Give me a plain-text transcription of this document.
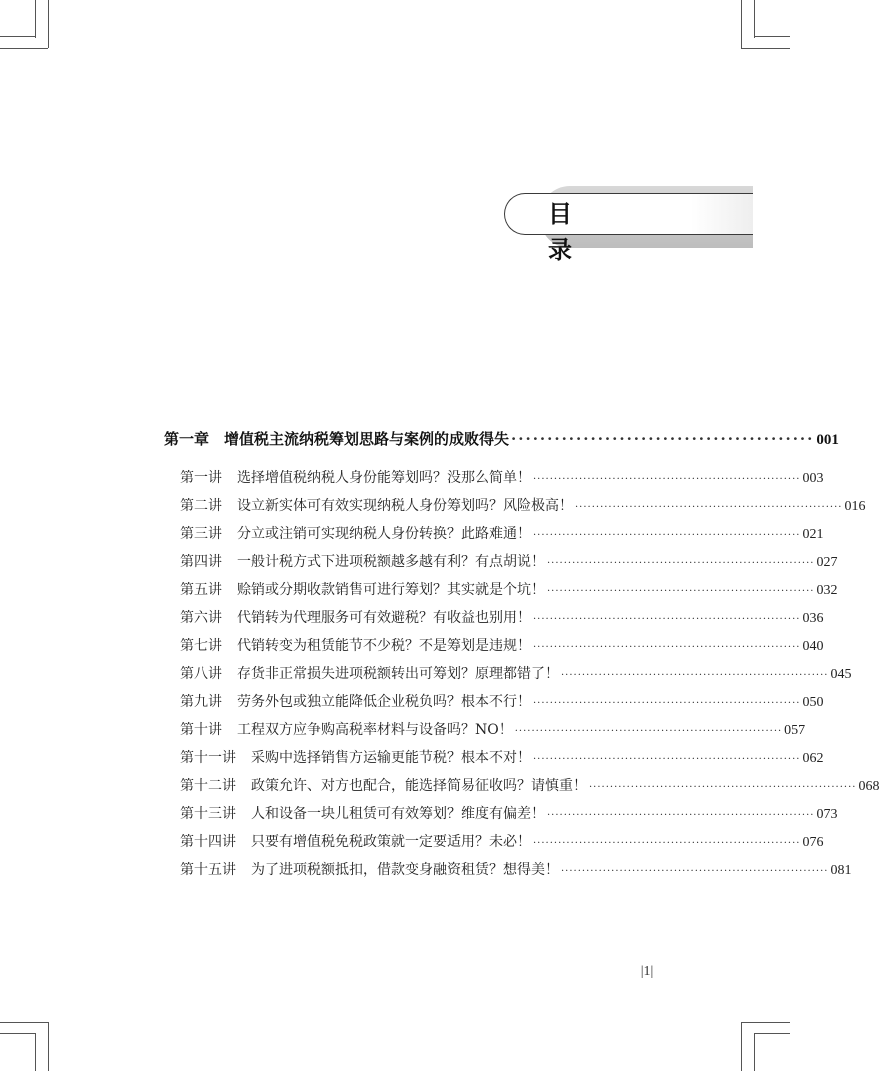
目 录
第一章 增值税主流纳税筹划思路与案例的成败得失 ·········································· 001
第一讲 选择增值税纳税人身份能筹划吗？没那么简单！ ································································ 003
第二讲 设立新实体可有效实现纳税人身份筹划吗？风险极高！ ································································ 016
第三讲 分立或注销可实现纳税人身份转换？此路难通！ ································································ 021
第四讲 一般计税方式下进项税额越多越有利？有点胡说！ ································································ 027
第五讲 赊销或分期收款销售可进行筹划？其实就是个坑！ ································································ 032
第六讲 代销转为代理服务可有效避税？有收益也别用！ ································································ 036
第七讲 代销转变为租赁能节不少税？不是筹划是违规！ ································································ 040
第八讲 存货非正常损失进项税额转出可筹划？原理都错了！ ································································ 045
第九讲 劳务外包或独立能降低企业税负吗？根本不行！ ································································ 050
第十讲 工程双方应争购高税率材料与设备吗？NO！ ································································ 057
第十一讲 采购中选择销售方运输更能节税？根本不对！ ································································ 062
第十二讲 政策允许、对方也配合，能选择简易征收吗？请慎重！ ································································ 068
第十三讲 人和设备一块儿租赁可有效筹划？维度有偏差！ ································································ 073
第十四讲 只要有增值税免税政策就一定要适用？未必！ ································································ 076
第十五讲 为了进项税额抵扣，借款变身融资租赁？想得美！ ································································ 081
|1|
